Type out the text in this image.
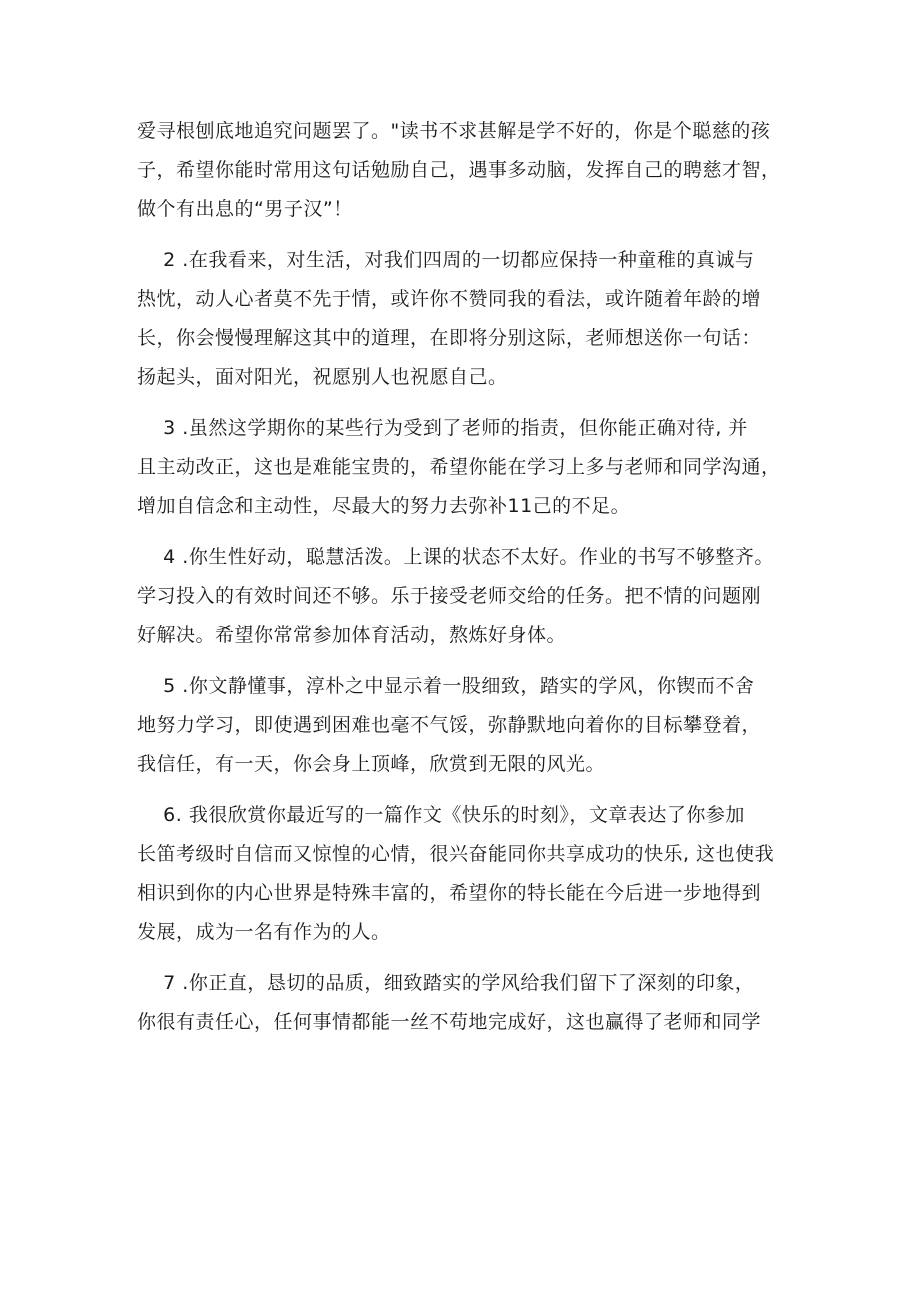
爱寻根刨底地追究问题罢了。"读书不求甚解是学不好的，你是个聪慈的孩
子，希望你能时常用这句话勉励自己，遇事多动脑，发挥自己的聘慈才智，
做个有出息的“男子汉”！
2 .在我看来，对生活，对我们四周的一切都应保持一种童稚的真诚与
热忱，动人心者莫不先于情，或许你不赞同我的看法，或许随着年龄的增
长，你会慢慢理解这其中的道理，在即将分别这际，老师想送你一句话：
扬起头，面对阳光，祝愿别人也祝愿自己。
3 .虽然这学期你的某些行为受到了老师的指责，但你能正确对待, 并
且主动改正，这也是难能宝贵的，希望你能在学习上多与老师和同学沟通，
增加自信念和主动性，尽最大的努力去弥补11己的不足。
4 .你生性好动，聪慧活泼。上课的状态不太好。作业的书写不够整齐。
学习投入的有效时间还不够。乐于接受老师交给的任务。把不情的问题刚
好解决。希望你常常参加体育活动，熬炼好身体。
5 .你文静懂事，淳朴之中显示着一股细致，踏实的学风，你锲而不舍
地努力学习，即使遇到困难也毫不气馁，弥静默地向着你的目标攀登着，
我信任，有一天，你会身上顶峰，欣赏到无限的风光。
6. 我很欣赏你最近写的一篇作文《快乐的时刻》，文章表达了你参加
长笛考级时自信而又惊惶的心情，很兴奋能同你共享成功的快乐, 这也使我
相识到你的内心世界是特殊丰富的，希望你的特长能在今后进一步地得到
发展，成为一名有作为的人。
7 .你正直，恳切的品质，细致踏实的学风给我们留下了深刻的印象，
你很有责任心，任何事情都能一丝不苟地完成好，这也赢得了老师和同学
